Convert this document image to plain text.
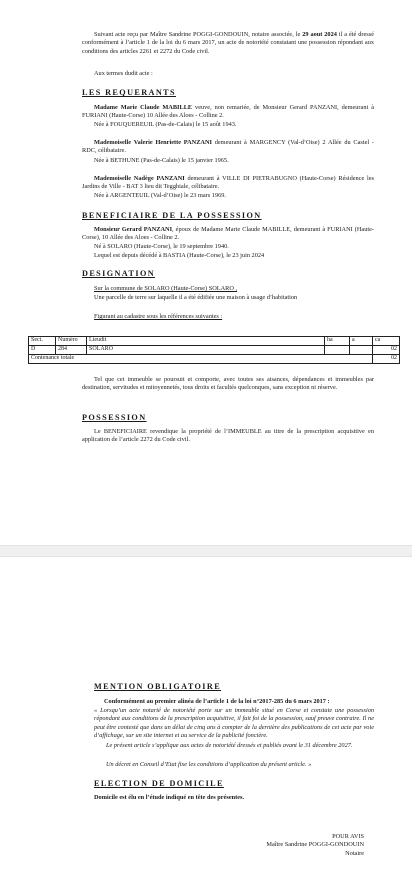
Suivant acte reçu par Maître Sandrine POGGI-GONDOUIN, notaire associée, le 29 aout 2024 il a été dressé conformément à l’article 1 de la loi du 6 mars 2017, un acte de notoriété constatant une possession répondant aux conditions des articles 2261 et 2272 du Code civil.

Aux termes dudit acte :

LES REQUERANTS

Madame Marie Claude MABILLE veuve, non remariée, de Monsieur Gerard PANZANI, demeurant à FURIANI (Haute-Corse) 10 Allée des Aloes - Colline 2.

Née à FOUQUEREUIL (Pas-de-Calais) le 15 août 1943.

Mademoiselle Valerie Henriette PANZANI demeurant à MARGENCY (Val-d’Oise) 2 Allée du Castel - RDC, célibataire.

Née à BETHUNE (Pas-de-Calais) le 15 janvier 1965.

Mademoiselle Nadège PANZANI demeurant à VILLE DI PIETRABUGNO (Haute-Corse) Résidence les Jardins de Ville - BAT 3 lieu dit Tegghiale, célibataire.

Née à ARGENTEUIL (Val-d’Oise) le 23 mars 1969.

BENEFICIAIRE DE LA POSSESSION

Monsieur Gerard PANZANI, époux de Madame Marie Claude MABILLE, demeurant à FURIANI (Haute-Corse), 10 Allée des Aloes - Colline 2.

Né à SOLARO (Haute-Corse), le 19 septembre 1940.

Lequel est depuis décédé à BASTIA (Haute-Corse), le 23 juin 2024

DESIGNATION

Sur la commune de SOLARO (Haute-Corse) SOLARO ,

Une parcelle de terre sur laquelle il a été édifiée une maison à usage d’habitation

Figurant au cadastre sous les références suivantes :

Sect.	Numéro	Lieudit	ha	a	ca
D	284	SOLARO			02
Contenance totale					02

Tel que cet immeuble se poursuit et comporte, avec toutes ses aisances, dépendances et immeubles par destination, servitudes et mitoyennetés, tous droits et facultés quelconques, sans exception ni réserve.

POSSESSION

Le BENEFICIAIRE revendique la propriété de l’IMMEUBLE au titre de la prescription acquisitive en application de l’article 2272 du Code civil.

MENTION OBLIGATOIRE

Conformément au premier alinéa de l’article 1 de la loi n°2017-285 du 6 mars 2017 :

« Lorsqu’un acte notarié de notoriété porte sur un immeuble situé en Corse et constate une possession répondant aux conditions de la prescription acquisitive, il fait foi de la possession, sauf preuve contraire. Il ne peut être contesté que dans un délai de cinq ans à compter de la dernière des publications de cet acte par voie d’affichage, sur un site internet et au service de la publicité foncière.

Le présent article s’applique aux actes de notoriété dressés et publiés avant le 31 décembre 2027.

Un décret en Conseil d’Etat fixe les conditions d’application du présent article. »

ELECTION DE DOMICILE

Domicile est élu en l’étude indiqué en tête des présentes.

POUR AVIS
Maître Sandrine POGGI-GONDOUIN
Notaire
